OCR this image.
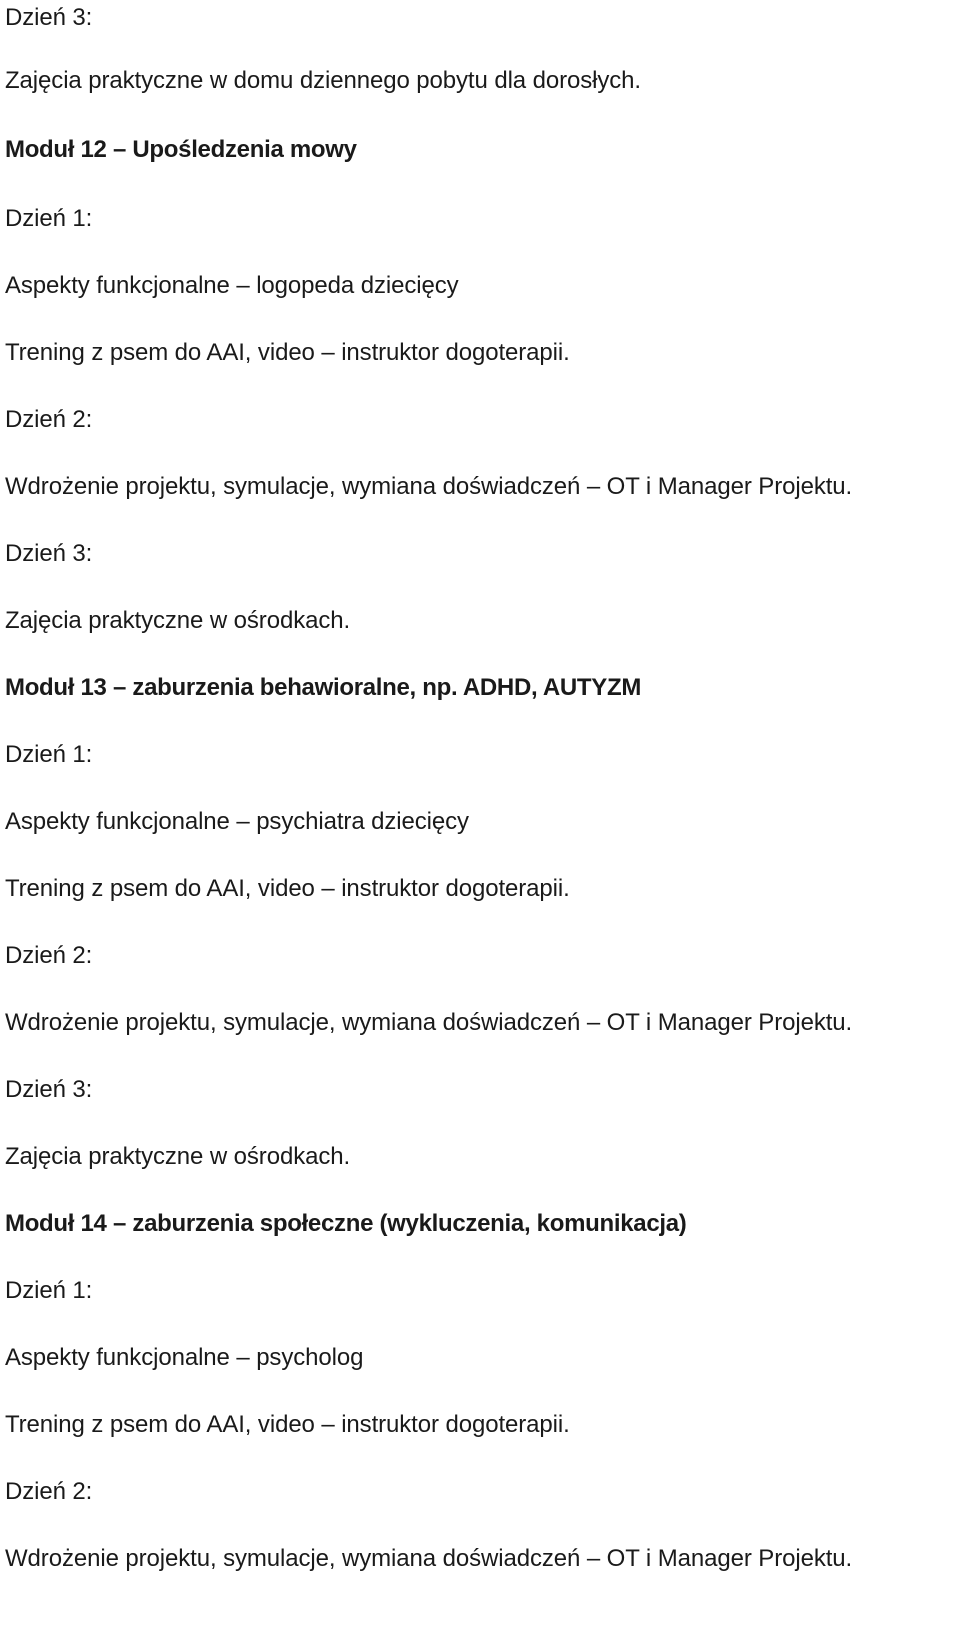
Dzień 3:
Zajęcia praktyczne w domu dziennego pobytu dla dorosłych.
Moduł 12 – Upośledzenia mowy
Dzień 1:
Aspekty funkcjonalne – logopeda dziecięcy
Trening z psem do AAI, video – instruktor dogoterapii.
Dzień 2:
Wdrożenie projektu, symulacje, wymiana doświadczeń – OT i Manager Projektu.
Dzień 3:
Zajęcia praktyczne w ośrodkach.
Moduł 13 – zaburzenia behawioralne, np. ADHD, AUTYZM
Dzień 1:
Aspekty funkcjonalne – psychiatra dziecięcy
Trening z psem do AAI, video – instruktor dogoterapii.
Dzień 2:
Wdrożenie projektu, symulacje, wymiana doświadczeń – OT i Manager Projektu.
Dzień 3:
Zajęcia praktyczne w ośrodkach.
Moduł 14 – zaburzenia społeczne (wykluczenia, komunikacja)
Dzień 1:
Aspekty funkcjonalne – psycholog
Trening z psem do AAI, video – instruktor dogoterapii.
Dzień 2:
Wdrożenie projektu, symulacje, wymiana doświadczeń – OT i Manager Projektu.
